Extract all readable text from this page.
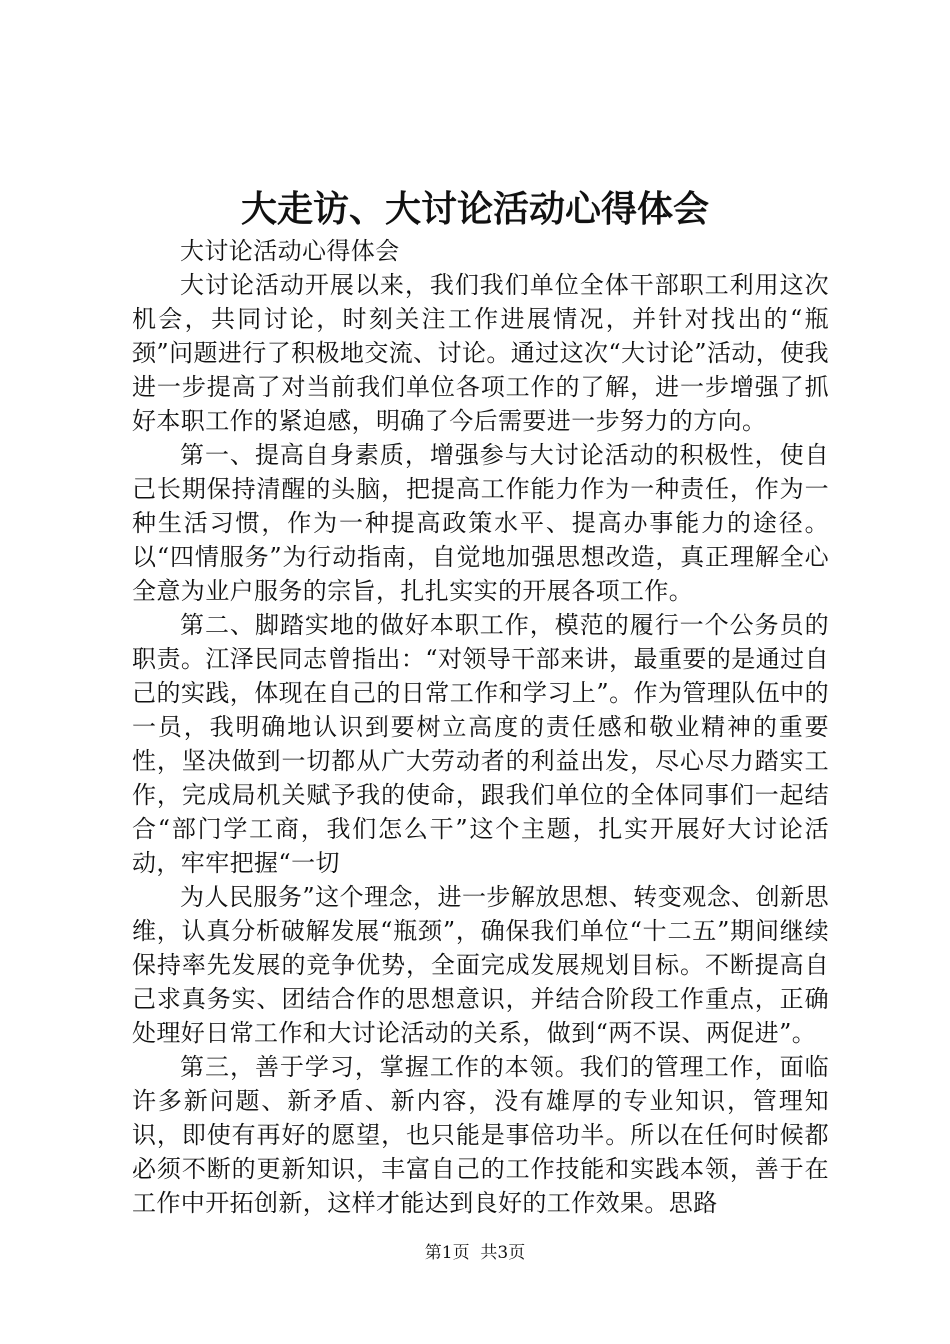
大走访、大讨论活动心得体会

大讨论活动心得体会

大讨论活动开展以来，我们我们单位全体干部职工利用这次机会，共同讨论，时刻关注工作进展情况，并针对找出的“瓶颈”问题进行了积极地交流、讨论。通过这次“大讨论”活动，使我进一步提高了对当前我们单位各项工作的了解，进一步增强了抓好本职工作的紧迫感，明确了今后需要进一步努力的方向。

第一、提高自身素质，增强参与大讨论活动的积极性，使自己长期保持清醒的头脑，把提高工作能力作为一种责任，作为一种生活习惯，作为一种提高政策水平、提高办事能力的途径。以“四情服务”为行动指南，自觉地加强思想改造，真正理解全心全意为业户服务的宗旨，扎扎实实的开展各项工作。

第二、脚踏实地的做好本职工作，模范的履行一个公务员的职责。江泽民同志曾指出：“对领导干部来讲，最重要的是通过自己的实践，体现在自己的日常工作和学习上”。作为管理队伍中的一员，我明确地认识到要树立高度的责任感和敬业精神的重要性，坚决做到一切都从广大劳动者的利益出发，尽心尽力踏实工作，完成局机关赋予我的使命，跟我们单位的全体同事们一起结合“部门学工商，我们怎么干”这个主题，扎实开展好大讨论活动，牢牢把握“一切

为人民服务”这个理念，进一步解放思想、转变观念、创新思维，认真分析破解发展“瓶颈”，确保我们单位“十二五”期间继续保持率先发展的竞争优势，全面完成发展规划目标。不断提高自己求真务实、团结合作的思想意识，并结合阶段工作重点，正确处理好日常工作和大讨论活动的关系，做到“两不误、两促进”。

第三，善于学习，掌握工作的本领。我们的管理工作，面临许多新问题、新矛盾、新内容，没有雄厚的专业知识，管理知识，即使有再好的愿望，也只能是事倍功半。所以在任何时候都必须不断的更新知识，丰富自己的工作技能和实践本领，善于在工作中开拓创新，这样才能达到良好的工作效果。思路

第1页 共3页
